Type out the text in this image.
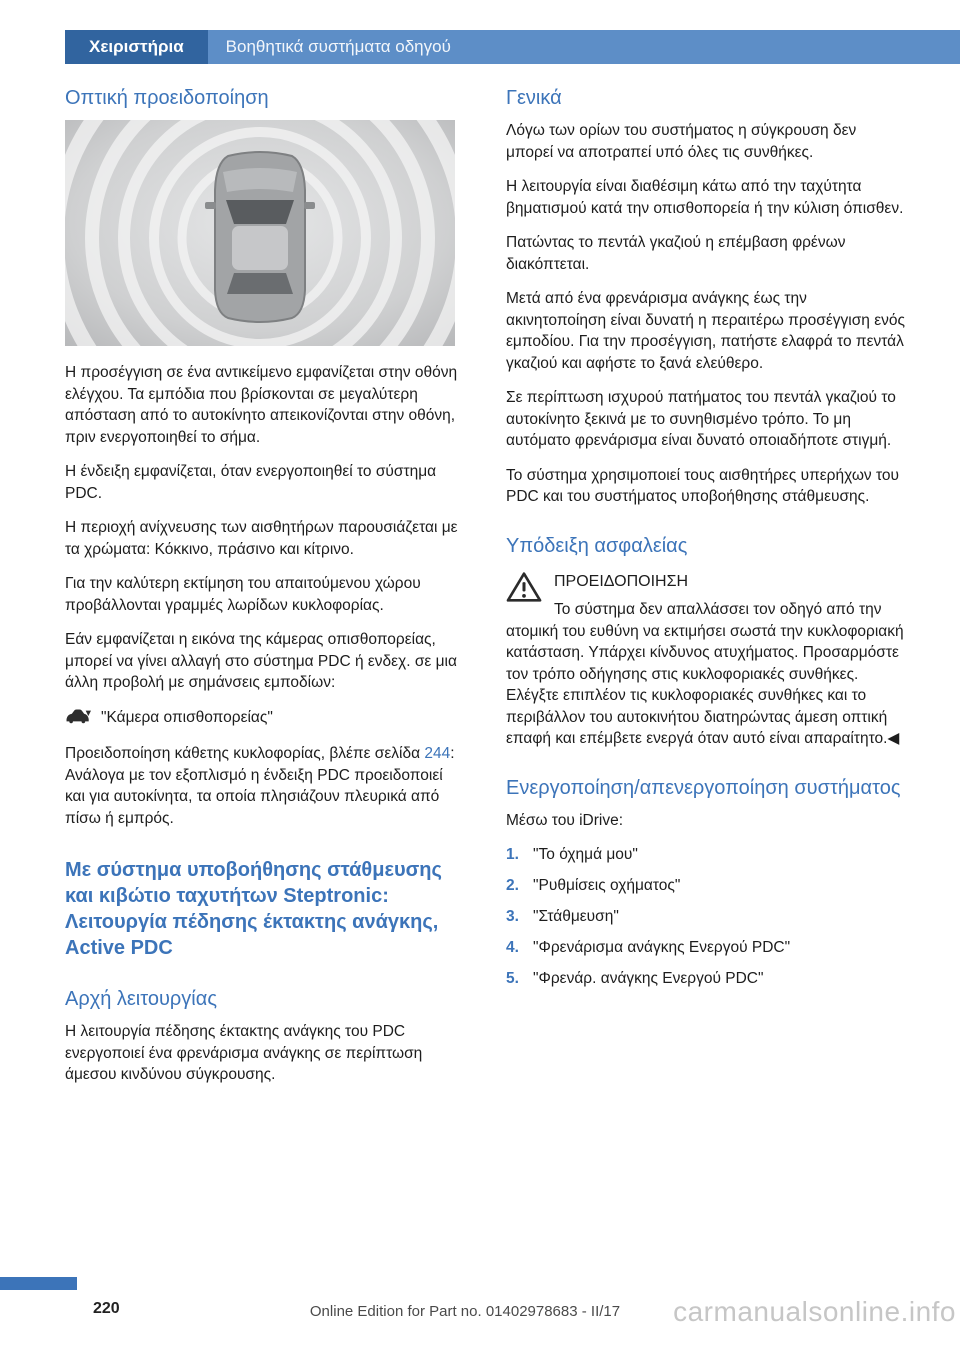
Χειριστήρια Βοηθητικά συστήματα οδηγού
Οπτική προειδοποίηση

Η προσέγγιση σε ένα αντικείμενο εμφανίζεται στην οθόνη ελέγχου. Τα εμπόδια που βρίσκονται σε μεγαλύτερη απόσταση από το αυτοκίνητο απεικονίζονται στην οθόνη, πριν ενεργοποιηθεί το σήμα.

Η ένδειξη εμφανίζεται, όταν ενεργοποιηθεί το σύστημα PDC.

Η περιοχή ανίχνευσης των αισθητήρων παρουσιάζεται με τα χρώματα: Κόκκινο, πράσινο και κίτρινο.

Για την καλύτερη εκτίμηση του απαιτούμενου χώρου προβάλλονται γραμμές λωρίδων κυκλοφορίας.

Εάν εμφανίζεται η εικόνα της κάμερας οπισθοπορείας, μπορεί να γίνει αλλαγή στο σύστημα PDC ή ενδεχ. σε μια άλλη προβολή με σημάνσεις εμποδίων:

"Κάμερα οπισθοπορείας"

Προειδοποίηση κάθετης κυκλοφορίας, βλέπε σελίδα 244: Ανάλογα με τον εξοπλισμό η ένδειξη PDC προειδοποιεί και για αυτοκίνητα, τα οποία πλησιάζουν πλευρικά από πίσω ή εμπρός.

Με σύστημα υποβοήθησης στάθμευσης και κιβώτιο ταχυτήτων Steptronic: Λειτουργία πέδησης έκτακτης ανάγκης, Active PDC
Αρχή λειτουργίας

Η λειτουργία πέδησης έκτακτης ανάγκης του PDC ενεργοποιεί ένα φρενάρισμα ανάγκης σε περίπτωση άμεσου κινδύνου σύγκρουσης.

Γενικά

Λόγω των ορίων του συστήματος η σύγκρουση δεν μπορεί να αποτραπεί υπό όλες τις συνθήκες.

Η λειτουργία είναι διαθέσιμη κάτω από την ταχύτητα βηματισμού κατά την οπισθοπορεία ή την κύλιση όπισθεν.

Πατώντας το πεντάλ γκαζιού η επέμβαση φρένων διακόπτεται.

Μετά από ένα φρενάρισμα ανάγκης έως την ακινητοποίηση είναι δυνατή η περαιτέρω προσέγγιση ενός εμποδίου. Για την προσέγγιση, πατήστε ελαφρά το πεντάλ γκαζιού και αφήστε το ξανά ελεύθερο.

Σε περίπτωση ισχυρού πατήματος του πεντάλ γκαζιού το αυτοκίνητο ξεκινά με το συνηθισμένο τρόπο. Το μη αυτόματο φρενάρισμα είναι δυνατό οποιαδήποτε στιγμή.

Το σύστημα χρησιμοποιεί τους αισθητήρες υπερήχων του PDC και του συστήματος υποβοήθησης στάθμευσης.

Υπόδειξη ασφαλείας
ΠΡΟΕΙΔΟΠΟΙΗΣΗ
Το σύστημα δεν απαλλάσσει τον οδηγό από την ατομική του ευθύνη να εκτιμήσει σωστά την κυκλοφοριακή κατάσταση. Υπάρχει κίνδυνος ατυχήματος. Προσαρμόστε τον τρόπο οδήγησης στις κυκλοφοριακές συνθήκες. Ελέγξτε επιπλέον τις κυκλοφοριακές συνθήκες και το περιβάλλον του αυτοκινήτου διατηρώντας άμεση οπτική επαφή και επέμβετε ενεργά όταν αυτό είναι απαραίτητο.◀
Ενεργοποίηση/απενεργοποίηση συστήματος

Μέσω του iDrive:

"Το όχημά μου"
"Ρυθμίσεις οχήματος"
"Στάθμευση"
"Φρενάρισμα ανάγκης Ενεργού PDC"
"Φρενάρ. ανάγκης Ενεργού PDC"
220	Online Edition for Part no. 01402978683 - II/17 carmanualsonline.info
